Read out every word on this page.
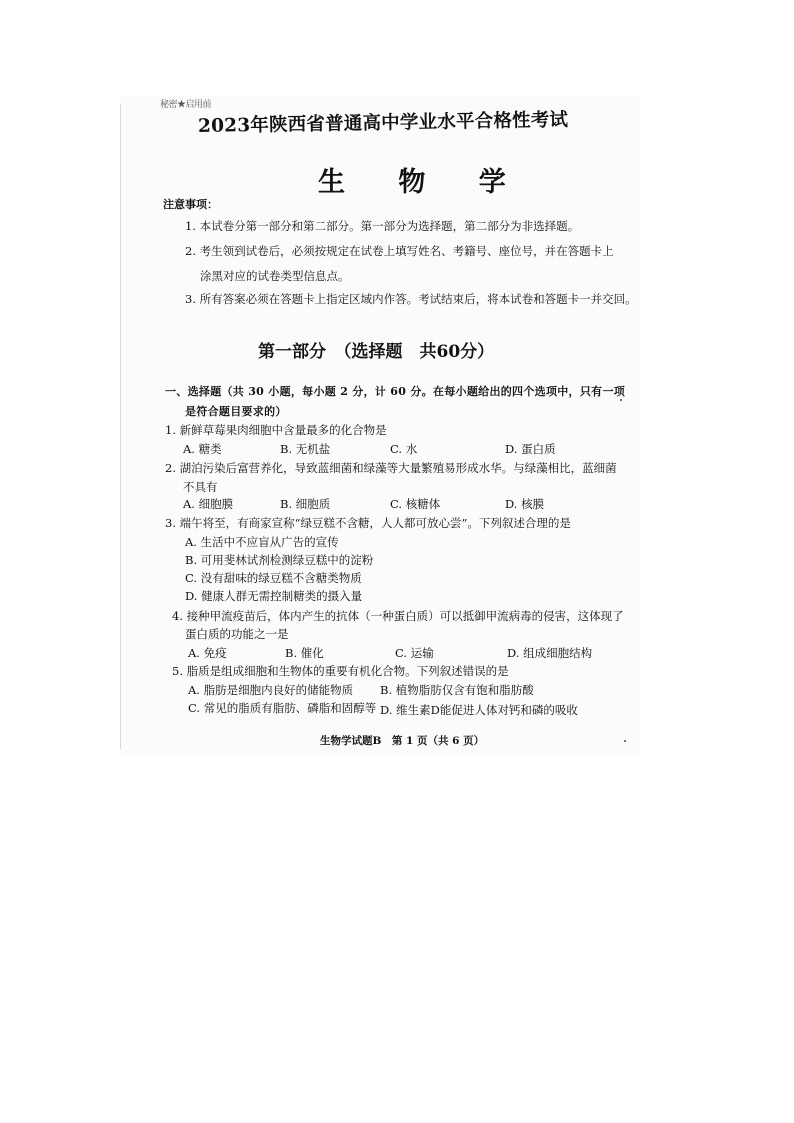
秘密★启用前
2023年陕西省普通高中学业水平合格性考试
生 物 学
注意事项：
1. 本试卷分第一部分和第二部分。第一部分为选择题，第二部分为非选择题。
2. 考生领到试卷后，必须按规定在试卷上填写姓名、考籍号、座位号，并在答题卡上
涂黑对应的试卷类型信息点。
3. 所有答案必须在答题卡上指定区域内作答。考试结束后，将本试卷和答题卡一并交回。
第一部分　（选择题　共60分）
一、选择题（共 30 小题，每小题 2 分，计 60 分。在每小题给出的四个选项中，只有一项
是符合题目要求的）
1. 新鲜草莓果肉细胞中含量最多的化合物是
A. 糖类	B. 无机盐	C. 水	D. 蛋白质
2. 湖泊污染后富营养化，导致蓝细菌和绿藻等大量繁殖易形成水华。与绿藻相比，蓝细菌
不具有
A. 细胞膜	B. 细胞质	C. 核糖体	D. 核膜
3. 端午将至，有商家宣称“绿豆糕不含糖，人人都可放心尝”。下列叙述合理的是
A. 生活中不应盲从广告的宣传
B. 可用斐林试剂检测绿豆糕中的淀粉
C. 没有甜味的绿豆糕不含糖类物质
D. 健康人群无需控制糖类的摄入量
4. 接种甲流疫苗后，体内产生的抗体（一种蛋白质）可以抵御甲流病毒的侵害，这体现了
蛋白质的功能之一是
A. 免疫	B. 催化	C. 运输	D. 组成细胞结构
5. 脂质是组成细胞和生物体的重要有机化合物。下列叙述错误的是
A. 脂肪是细胞内良好的储能物质 B. 植物脂肪仅含有饱和脂肪酸
C. 常见的脂质有脂肪、磷脂和固醇等 D. 维生素D能促进人体对钙和磷的吸收
生物学试题B　第 1 页（共 6 页）
